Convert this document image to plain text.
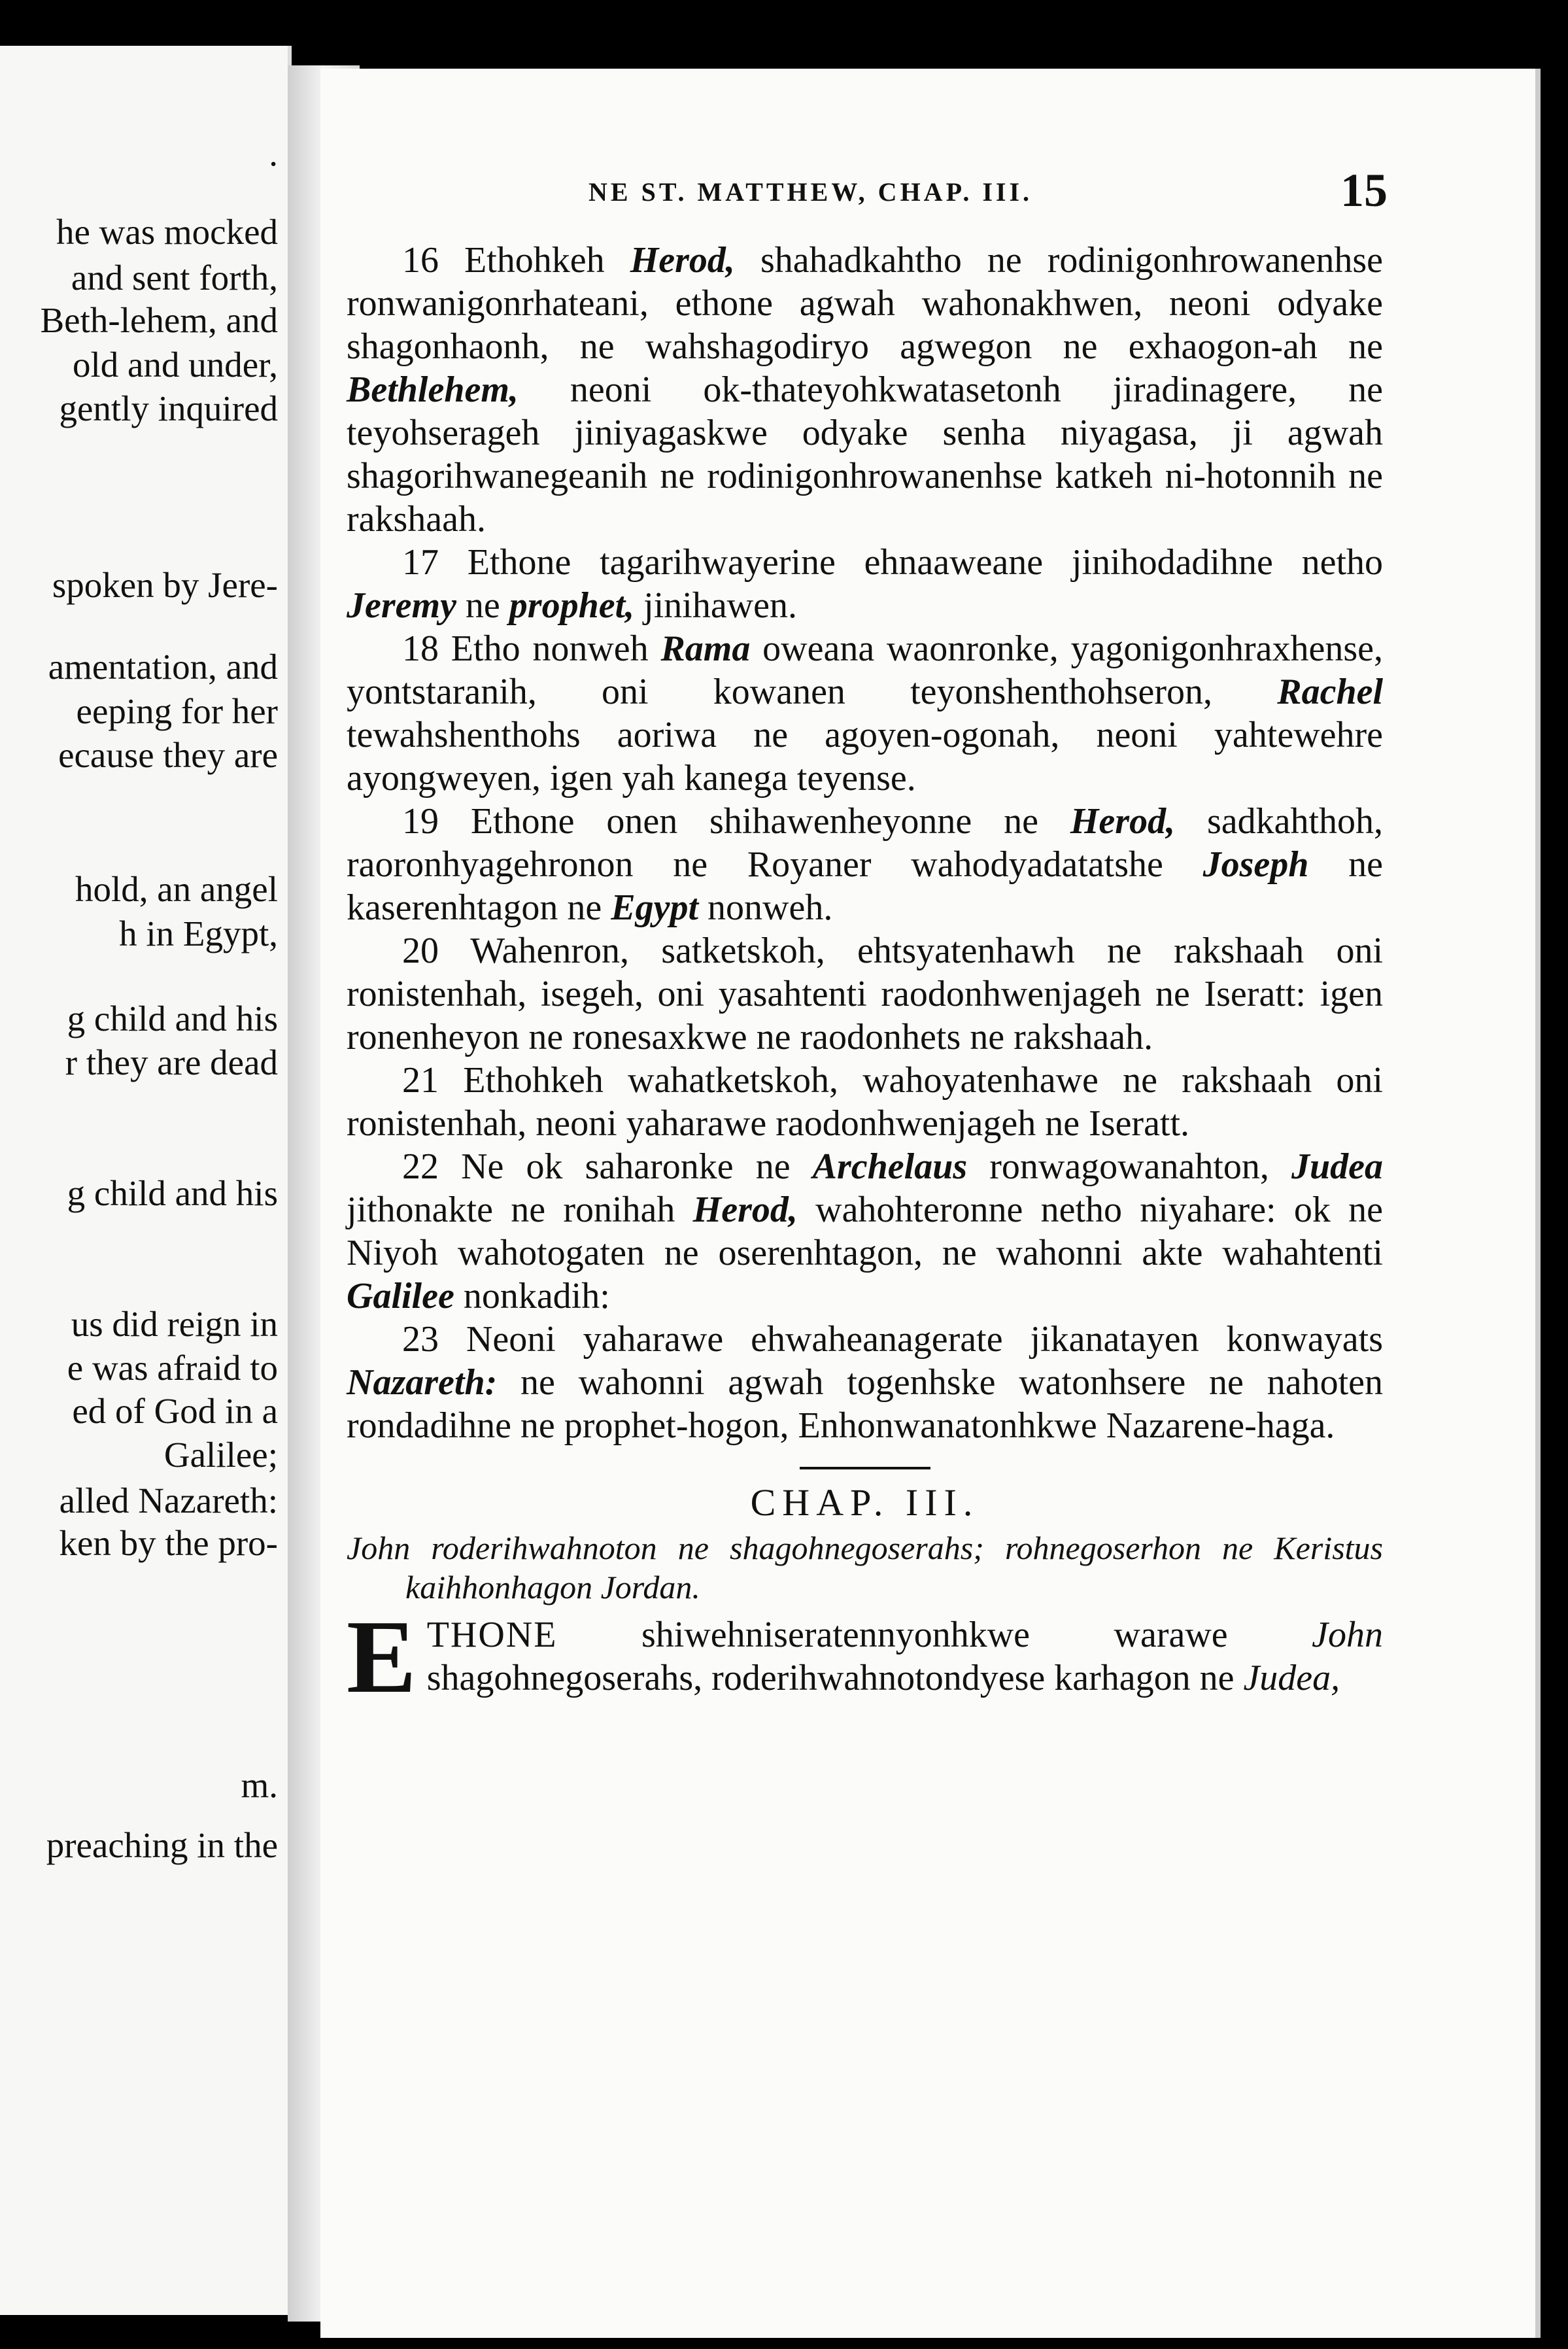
.
he was mocked
and sent forth,
Beth-lehem, and
old and under,
gently inquired
spoken by Jere-
amentation, and
eeping for her
ecause they are
hold, an angel
h in Egypt,
g child and his
r they are dead
g child and his
us did reign in
e was afraid to
ed of God in a
Galilee;
alled Nazareth:
ken by the pro-
m.
preaching in the
NE ST. MATTHEW, CHAP. III.	15

16 Ethohkeh Herod, shahadkahtho ne rodinigonhrowanenhse ronwanigonrhateani, ethone agwah wahonakhwen, neoni odyake shagonhaonh, ne wahshagodiryo agwegon ne exhaogon-ah ne Bethlehem, neoni ok-thateyohkwatasetonh jiradinagere, ne teyohserageh jiniyagaskwe odyake senha niyagasa, ji agwah shagorihwanegeanih ne rodinigonhrowanenhse katkeh ni-hotonnih ne rakshaah.

17 Ethone tagarihwayerine ehnaaweane jinihodadihne netho Jeremy ne prophet, jinihawen.

18 Etho nonweh Rama oweana waonronke, yagonigonhraxhense, yontstaranih, oni kowanen teyonshenthohseron, Rachel tewahshenthohs aoriwa ne agoyen-ogonah, neoni yahtewehre ayongweyen, igen yah kanega teyense.

19 Ethone onen shihawenheyonne ne Herod, sadkahthoh, raoronhyagehronon ne Royaner wahodyadatatshe Joseph ne kaserenhtagon ne Egypt nonweh.

20 Wahenron, satketskoh, ehtsyatenhawh ne rakshaah oni ronistenhah, isegeh, oni yasahtenti raodonhwenjageh ne Iseratt: igen ronenheyon ne ronesaxkwe ne raodonhets ne rakshaah.

21 Ethohkeh wahatketskoh, wahoyatenhawe ne rakshaah oni ronistenhah, neoni yaharawe raodonhwenjageh ne Iseratt.

22 Ne ok saharonke ne Archelaus ronwagowanahton, Judea jithonakte ne ronihah Herod, wahohteronne netho niyahare: ok ne Niyoh wahotogaten ne oserenhtagon, ne wahonni akte wahahtenti Galilee nonkadih:

23 Neoni yaharawe ehwaheanagerate jikanatayen konwayats Nazareth: ne wahonni agwah togenhske watonhsere ne nahoten rondadihne ne prophet-hogon, Enhonwanatonhkwe Nazarene-haga.

CHAP. III.

John roderihwahnoton ne shagohnegoserahs; rohnegoserhon ne Keristus kaihhonhagon Jordan.

ETHONE shiwehniseratennyonhkwe warawe John shagohnegoserahs, roderihwahnotondyese karhagon ne Judea,
